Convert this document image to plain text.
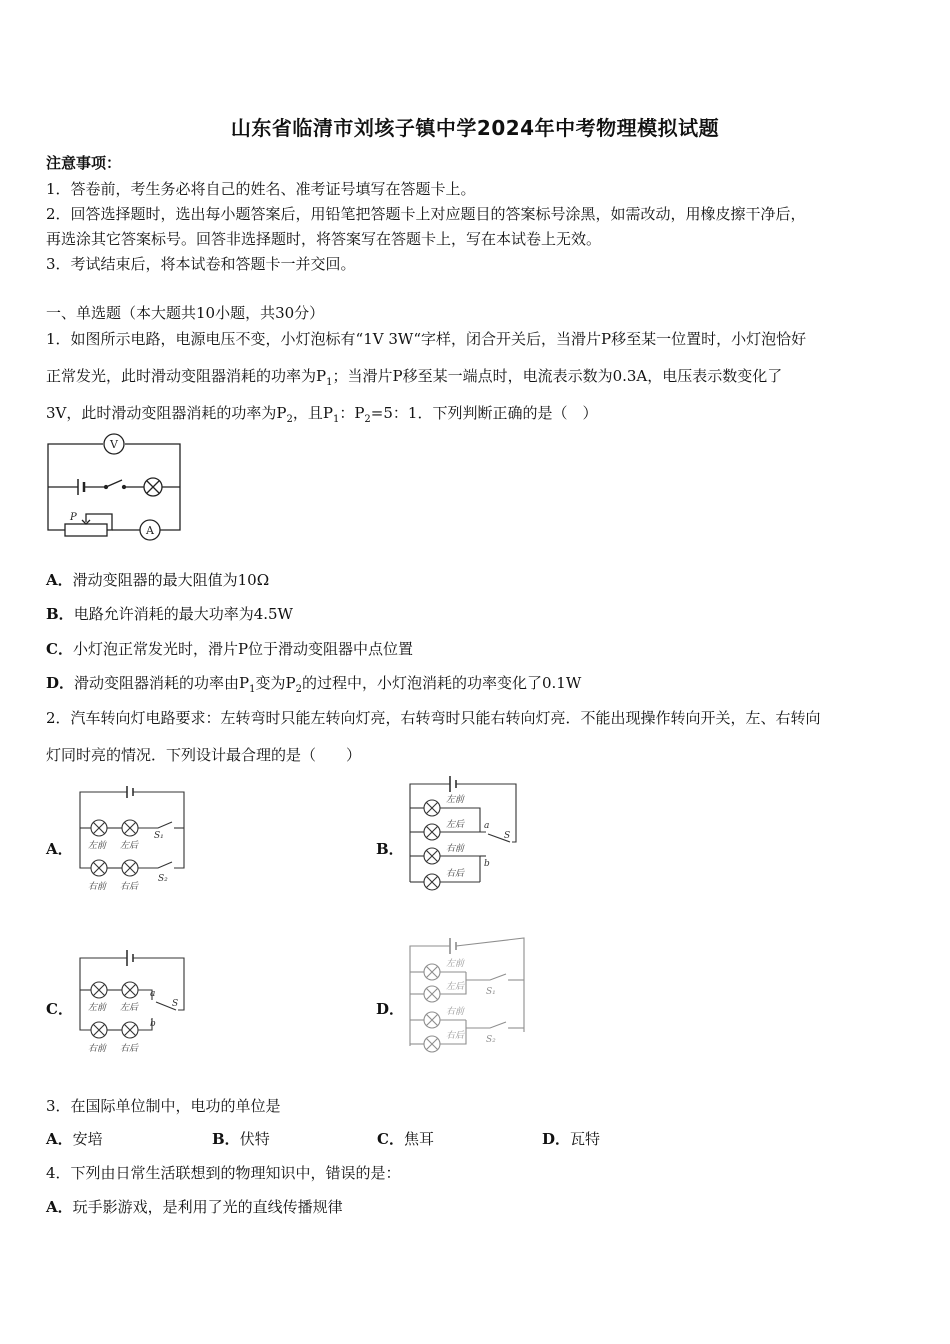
山东省临清市刘垓子镇中学2024年中考物理模拟试题
注意事项：
1．答卷前，考生务必将自己的姓名、准考证号填写在答题卡上。
2．回答选择题时，选出每小题答案后，用铅笔把答题卡上对应题目的答案标号涂黑，如需改动，用橡皮擦干净后，
再选涂其它答案标号。回答非选择题时，将答案写在答题卡上，写在本试卷上无效。
3．考试结束后，将本试卷和答题卡一并交回。
一、单选题（本大题共10小题，共30分）
1．如图所示电路，电源电压不变，小灯泡标有“1V 3W“字样，闭合开关后，当滑片P移至某一位置时，小灯泡恰好
正常发光，此时滑动变阻器消耗的功率为$P_1$；当滑片P移至某一端点时，电流表示数为0.3A，电压表示数变化了
3V，此时滑动变阻器消耗的功率为$P_2$，且$P_1$：$P_2=5$：1．下列判断正确的是（　）
V
A
P
A．滑动变阻器的最大阻值为10Ω
B．电路允许消耗的最大功率为4.5W
C．小灯泡正常发光时，滑片P位于滑动变阻器中点位置
D．滑动变阻器消耗的功率由$P_1$变为$P_2$的过程中，小灯泡消耗的功率变化了0.1W
2．汽车转向灯电路要求：左转弯时只能左转向灯亮，右转弯时只能右转向灯亮．不能出现操作转向开关，左、右转向
灯同时亮的情况．下列设计最合理的是（　　）
A． 左前 左后
右前 右后
S₁
S₂
B．
左前
左后
右前
右后
a
S
b
C． 左前 左后
右前 右后
a
S
b
D．
左前
左后
右前
右后
S₁
S₂
3．在国际单位制中，电功的单位是
A．安培	B．伏特	C．焦耳	D．瓦特
4．下列由日常生活联想到的物理知识中，错误的是：
A．玩手影游戏，是利用了光的直线传播规律
